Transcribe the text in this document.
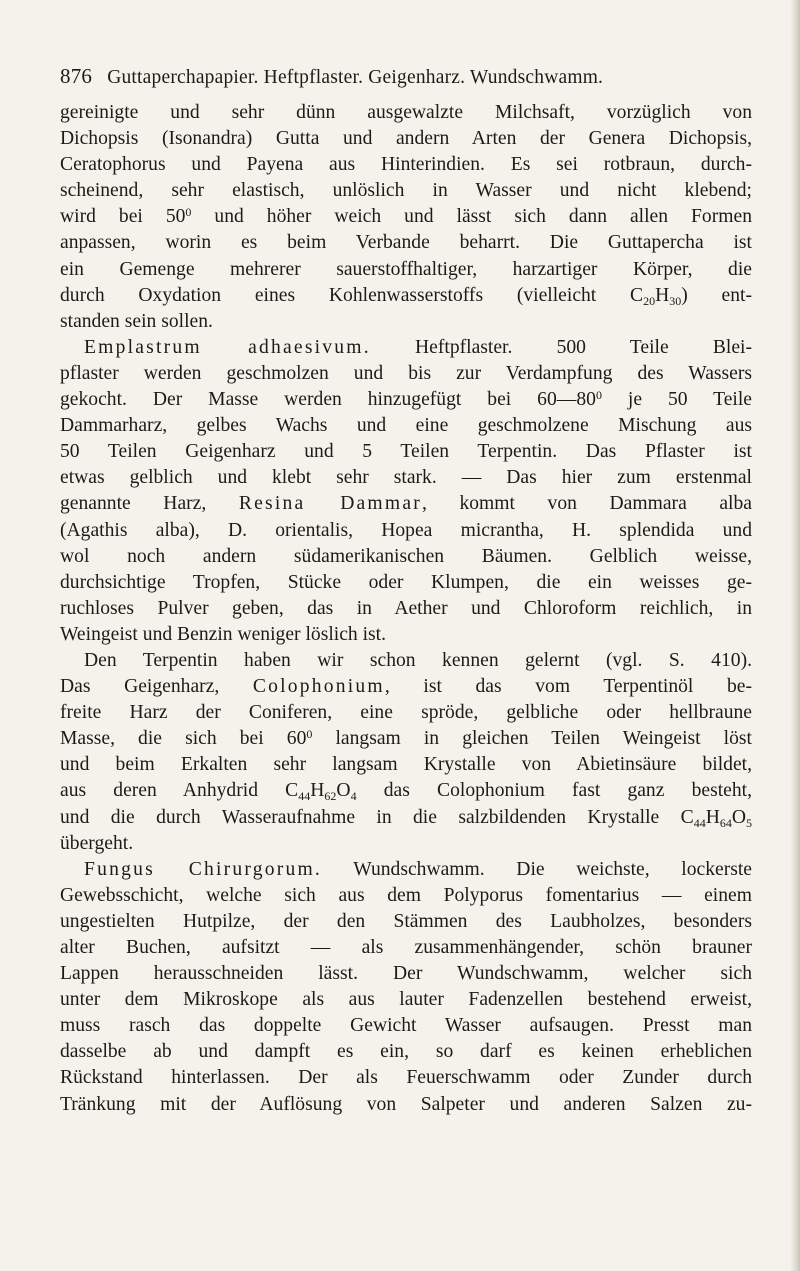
876 Guttaperchapapier. Heftpflaster. Geigenharz. Wundschwamm.
gereinigte und sehr dünn ausgewalzte Milchsaft, vorzüglich von
Dichopsis (Isonandra) Gutta und andern Arten der Genera Dichopsis,
Ceratophorus und Payena aus Hinterindien. Es sei rotbraun, durch-
scheinend, sehr elastisch, unlöslich in Wasser und nicht klebend;
wird bei $50^0$ und höher weich und lässt sich dann allen Formen
anpassen, worin es beim Verbande beharrt. Die Guttapercha ist
ein Gemenge mehrerer sauerstoffhaltiger, harzartiger Körper, die
durch Oxydation eines Kohlenwasserstoffs (vielleicht $C_{20}H_{30}$) ent-
standen sein sollen.
Emplastrum adhaesivum. Heftpflaster. 500 Teile Blei-
pflaster werden geschmolzen und bis zur Verdampfung des Wassers
gekocht. Der Masse werden hinzugefügt bei $60—80^0$ je 50 Teile
Dammarharz, gelbes Wachs und eine geschmolzene Mischung aus
50 Teilen Geigenharz und 5 Teilen Terpentin. Das Pflaster ist
etwas gelblich und klebt sehr stark. — Das hier zum erstenmal
genannte Harz, Resina Dammar, kommt von Dammara alba
(Agathis alba), D. orientalis, Hopea micrantha, H. splendida und
wol noch andern südamerikanischen Bäumen. Gelblich weisse,
durchsichtige Tropfen, Stücke oder Klumpen, die ein weisses ge-
ruchloses Pulver geben, das in Aether und Chloroform reichlich, in
Weingeist und Benzin weniger löslich ist.
Den Terpentin haben wir schon kennen gelernt (vgl. S. 410).
Das Geigenharz, Colophonium, ist das vom Terpentinöl be-
freite Harz der Coniferen, eine spröde, gelbliche oder hellbraune
Masse, die sich bei $60^0$ langsam in gleichen Teilen Weingeist löst
und beim Erkalten sehr langsam Krystalle von Abietinsäure bildet,
aus deren Anhydrid $C_{44}H_{62}O_4$ das Colophonium fast ganz besteht,
und die durch Wasseraufnahme in die salzbildenden Krystalle $C_{44}H_{64}O_5$
übergeht.
Fungus Chirurgorum. Wundschwamm. Die weichste, lockerste
Gewebsschicht, welche sich aus dem Polyporus fomentarius — einem
ungestielten Hutpilze, der den Stämmen des Laubholzes, besonders
alter Buchen, aufsitzt — als zusammenhängender, schön brauner
Lappen herausschneiden lässt. Der Wundschwamm, welcher sich
unter dem Mikroskope als aus lauter Fadenzellen bestehend erweist,
muss rasch das doppelte Gewicht Wasser aufsaugen. Presst man
dasselbe ab und dampft es ein, so darf es keinen erheblichen
Rückstand hinterlassen. Der als Feuerschwamm oder Zunder durch
Tränkung mit der Auflösung von Salpeter und anderen Salzen zu-
